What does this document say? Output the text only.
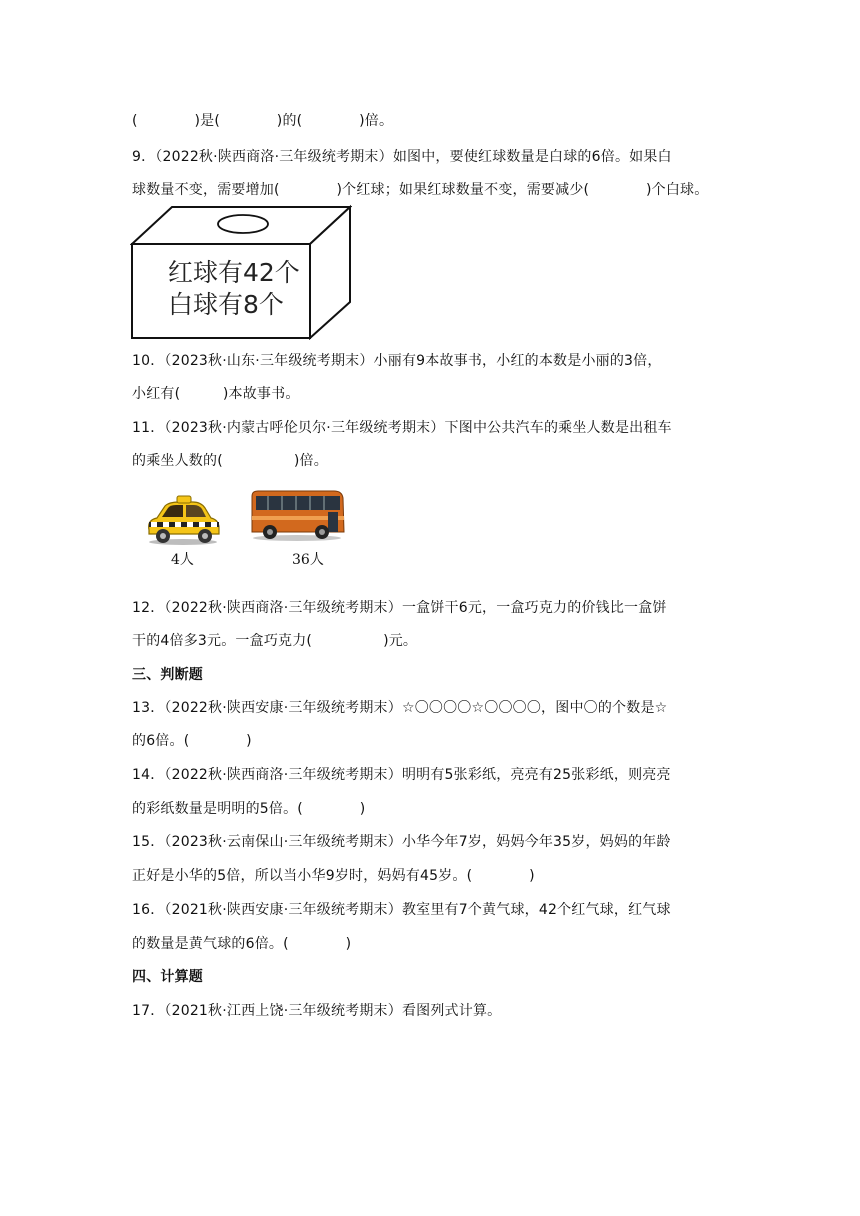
(　　　　)是(　　　　)的(　　　　)倍。
9．（2022秋·陕西商洛·三年级统考期末）如图中，要使红球数量是白球的6倍。如果白
球数量不变，需要增加(　　　　)个红球；如果红球数量不变，需要减少(　　　　)个白球。
红球有42个
白球有8个
10．（2023秋·山东·三年级统考期末）小丽有9本故事书，小红的本数是小丽的3倍，
小红有(　　　)本故事书。
11．（2023秋·内蒙古呼伦贝尔·三年级统考期末）下图中公共汽车的乘坐人数是出租车
的乘坐人数的(　　　　　)倍。
4人	36人
12．（2022秋·陕西商洛·三年级统考期末）一盒饼干6元，一盒巧克力的价钱比一盒饼
干的4倍多3元。一盒巧克力(　　　　　)元。
三、判断题
13．（2022秋·陕西安康·三年级统考期末）☆〇〇〇〇☆〇〇〇〇，图中〇的个数是☆
的6倍。(　　　　)
14．（2022秋·陕西商洛·三年级统考期末）明明有5张彩纸，亮亮有25张彩纸，则亮亮
的彩纸数量是明明的5倍。(　　　　)
15．（2023秋·云南保山·三年级统考期末）小华今年7岁，妈妈今年35岁，妈妈的年龄
正好是小华的5倍，所以当小华9岁时，妈妈有45岁。(　　　　)
16．（2021秋·陕西安康·三年级统考期末）教室里有7个黄气球，42个红气球，红气球
的数量是黄气球的6倍。(　　　　)
四、计算题
17．（2021秋·江西上饶·三年级统考期末）看图列式计算。
